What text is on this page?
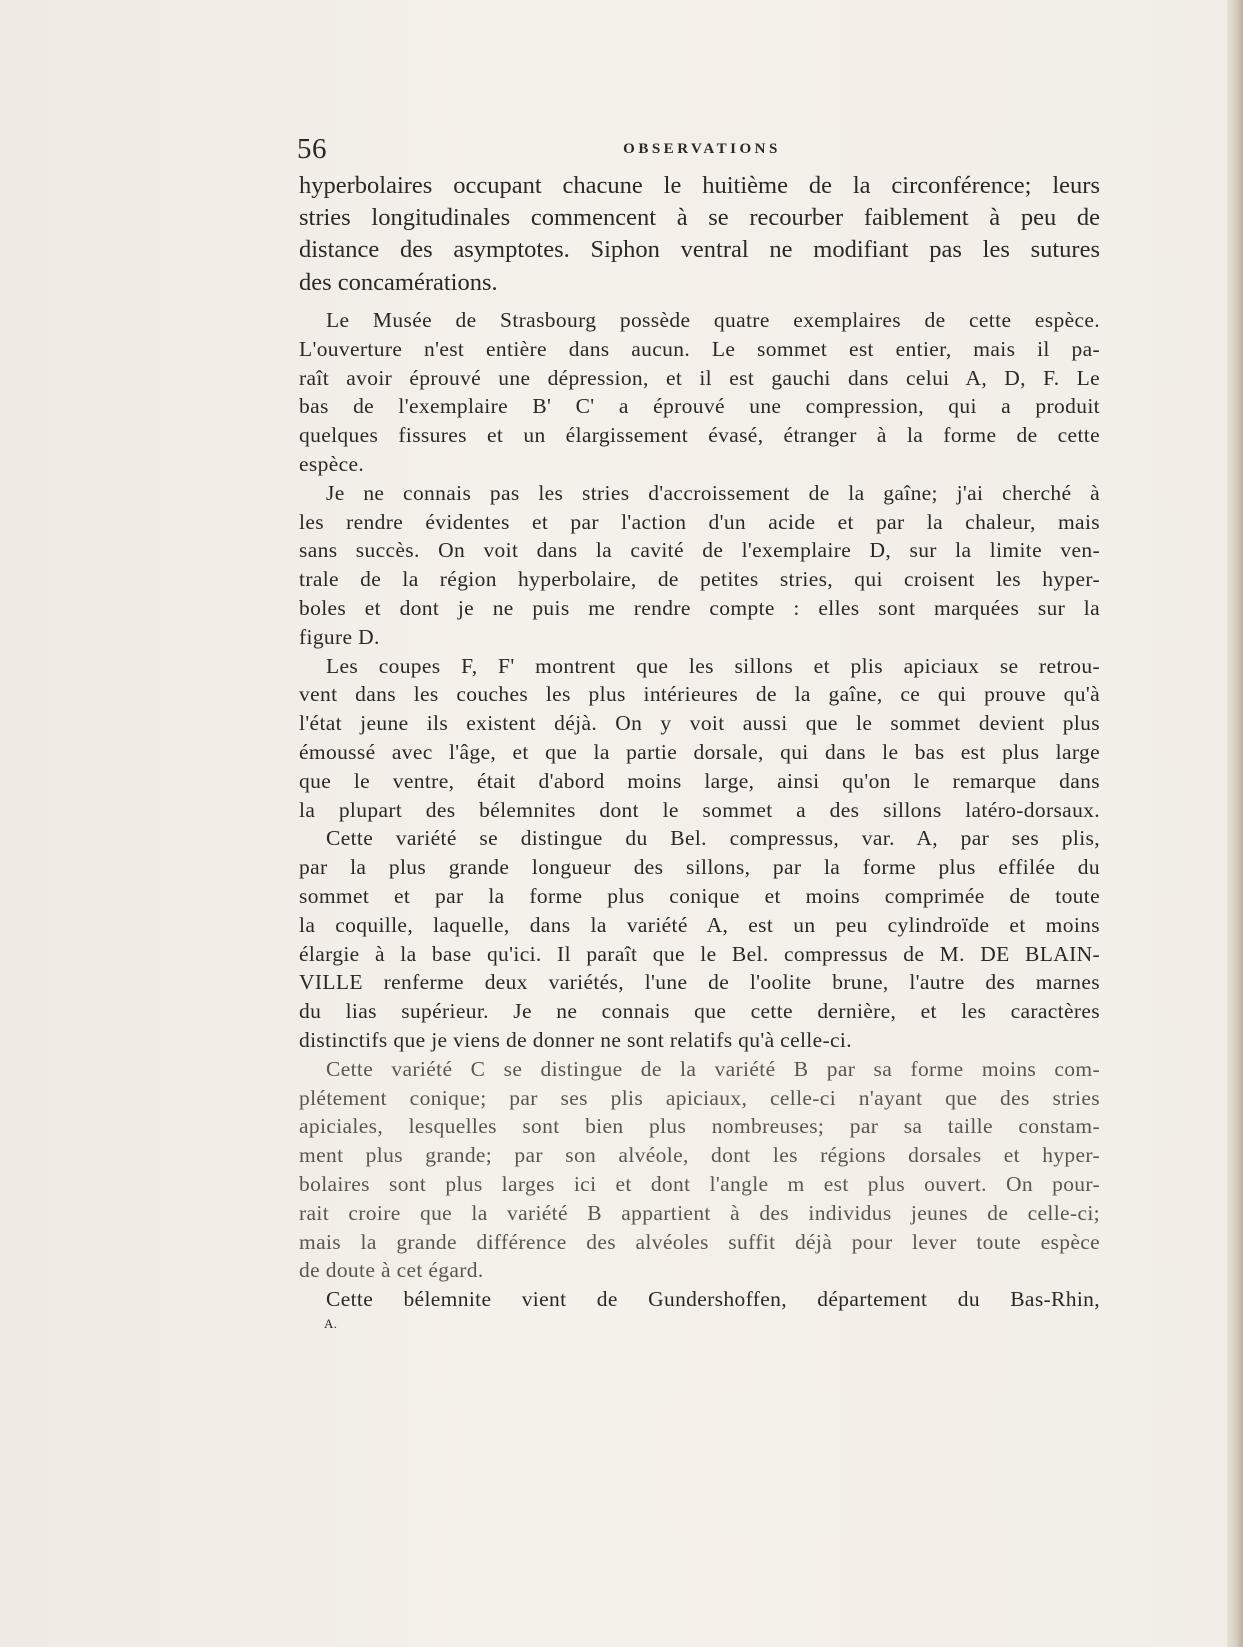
56	OBSERVATIONS
hyperbolaires occupant chacune le huitième de la circonférence; leurs
stries longitudinales commencent à se recourber faiblement à peu de
distance des asymptotes. Siphon ventral ne modifiant pas les sutures
des concamérations.
Le Musée de Strasbourg possède quatre exemplaires de cette espèce.
L'ouverture n'est entière dans aucun. Le sommet est entier, mais il pa-
raît avoir éprouvé une dépression, et il est gauchi dans celui A, D, F. Le
bas de l'exemplaire B' C' a éprouvé une compression, qui a produit
quelques fissures et un élargissement évasé, étranger à la forme de cette
espèce.
Je ne connais pas les stries d'accroissement de la gaîne; j'ai cherché à
les rendre évidentes et par l'action d'un acide et par la chaleur, mais
sans succès. On voit dans la cavité de l'exemplaire D, sur la limite ven-
trale de la région hyperbolaire, de petites stries, qui croisent les hyper-
boles et dont je ne puis me rendre compte : elles sont marquées sur la
figure D.
Les coupes F, F' montrent que les sillons et plis apiciaux se retrou-
vent dans les couches les plus intérieures de la gaîne, ce qui prouve qu'à
l'état jeune ils existent déjà. On y voit aussi que le sommet devient plus
émoussé avec l'âge, et que la partie dorsale, qui dans le bas est plus large
que le ventre, était d'abord moins large, ainsi qu'on le remarque dans
la plupart des bélemnites dont le sommet a des sillons latéro-dorsaux.
Cette variété se distingue du Bel. compressus, var. A, par ses plis,
par la plus grande longueur des sillons, par la forme plus effilée du
sommet et par la forme plus conique et moins comprimée de toute
la coquille, laquelle, dans la variété A, est un peu cylindroïde et moins
élargie à la base qu'ici. Il paraît que le Bel. compressus de M. DE BLAIN-
VILLE renferme deux variétés, l'une de l'oolite brune, l'autre des marnes
du lias supérieur. Je ne connais que cette dernière, et les caractères
distinctifs que je viens de donner ne sont relatifs qu'à celle-ci.
Cette variété C se distingue de la variété B par sa forme moins com-
plétement conique; par ses plis apiciaux, celle-ci n'ayant que des stries
apiciales, lesquelles sont bien plus nombreuses; par sa taille constam-
ment plus grande; par son alvéole, dont les régions dorsales et hyper-
bolaires sont plus larges ici et dont l'angle m est plus ouvert. On pour-
rait croire que la variété B appartient à des individus jeunes de celle-ci;
mais la grande différence des alvéoles suffit déjà pour lever toute espèce
de doute à cet égard.
Cette bélemnite vient de Gundershoffen, département du Bas-Rhin,
A.
